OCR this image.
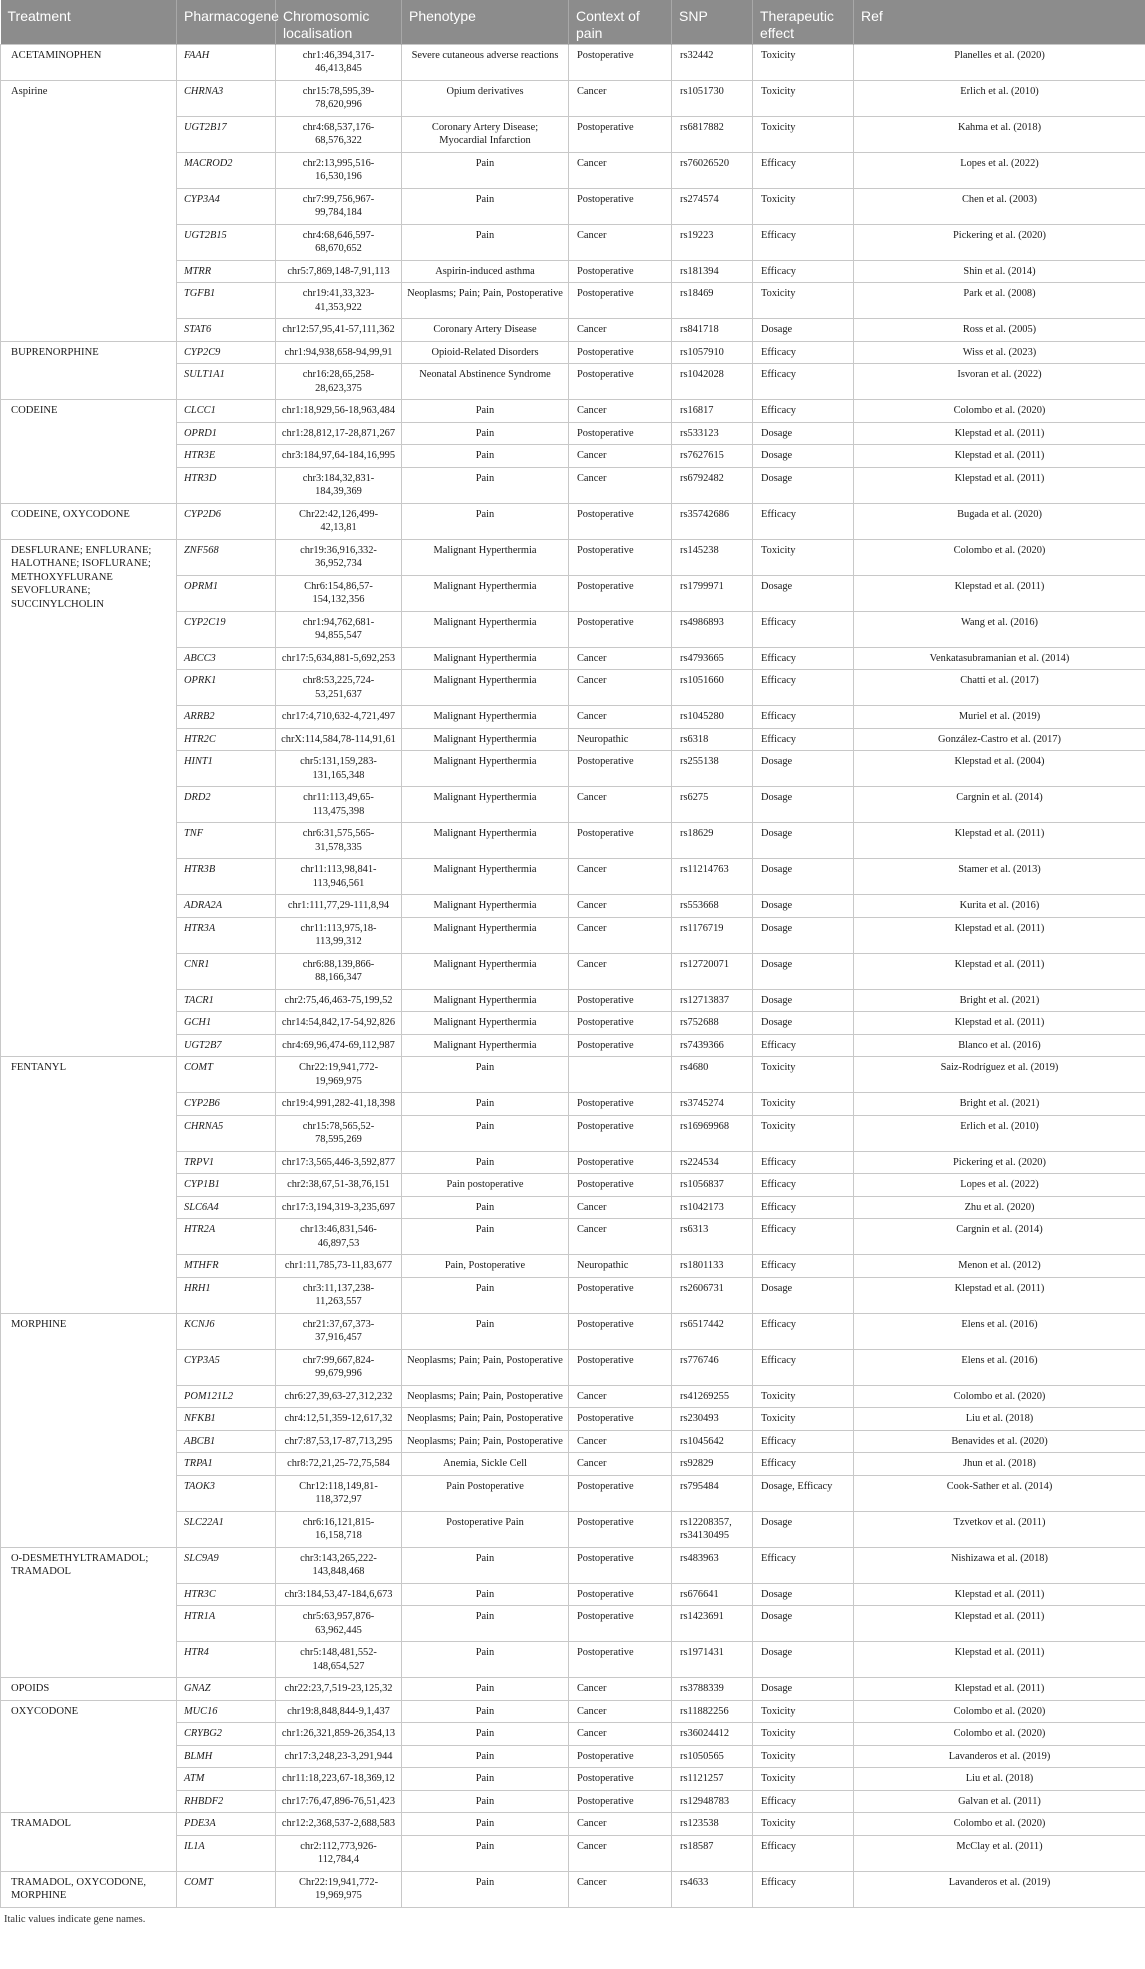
Treatment	Pharmacogene	Chromosomic localisation	Phenotype	Context of pain	SNP	Therapeutic effect	Ref
ACETAMINOPHEN	FAAH	chr1:46,394,317-46,413,845	Severe cutaneous adverse reactions	Postoperative	rs32442	Toxicity	Planelles et al. (2020)
Aspirine	CHRNA3	chr15:78,595,39-78,620,996	Opium derivatives	Cancer	rs1051730	Toxicity	Erlich et al. (2010)
	UGT2B17	chr4:68,537,176-68,576,322	Coronary Artery Disease; Myocardial Infarction	Postoperative	rs6817882	Toxicity	Kahma et al. (2018)
	MACROD2	chr2:13,995,516-16,530,196	Pain	Cancer	rs76026520	Efficacy	Lopes et al. (2022)
	CYP3A4	chr7:99,756,967-99,784,184	Pain	Postoperative	rs274574	Toxicity	Chen et al. (2003)
	UGT2B15	chr4:68,646,597-68,670,652	Pain	Cancer	rs19223	Efficacy	Pickering et al. (2020)
	MTRR	chr5:7,869,148-7,91,113	Aspirin-induced asthma	Postoperative	rs181394	Efficacy	Shin et al. (2014)
	TGFB1	chr19:41,33,323-41,353,922	Neoplasms; Pain; Pain, Postoperative	Postoperative	rs18469	Toxicity	Park et al. (2008)
	STAT6	chr12:57,95,41-57,111,362	Coronary Artery Disease	Cancer	rs841718	Dosage	Ross et al. (2005)
BUPRENORPHINE	CYP2C9	chr1:94,938,658-94,99,91	Opioid-Related Disorders	Postoperative	rs1057910	Efficacy	Wiss et al. (2023)
	SULT1A1	chr16:28,65,258-28,623,375	Neonatal Abstinence Syndrome	Postoperative	rs1042028	Efficacy	Isvoran et al. (2022)
CODEINE	CLCC1	chr1:18,929,56-18,963,484	Pain	Cancer	rs16817	Efficacy	Colombo et al. (2020)
	OPRD1	chr1:28,812,17-28,871,267	Pain	Postoperative	rs533123	Dosage	Klepstad et al. (2011)
	HTR3E	chr3:184,97,64-184,16,995	Pain	Cancer	rs7627615	Dosage	Klepstad et al. (2011)
	HTR3D	chr3:184,32,831-184,39,369	Pain	Cancer	rs6792482	Dosage	Klepstad et al. (2011)
CODEINE, OXYCODONE	CYP2D6	Chr22:42,126,499-42,13,81	Pain	Postoperative	rs35742686	Efficacy	Bugada et al. (2020)
DESFLURANE; ENFLURANE; HALOTHANE; ISOFLURANE; METHOXYFLURANE SEVOFLURANE; SUCCINYLCHOLIN	ZNF568	chr19:36,916,332-36,952,734	Malignant Hyperthermia	Postoperative	rs145238	Toxicity	Colombo et al. (2020)
	OPRM1	Chr6:154,86,57-154,132,356	Malignant Hyperthermia	Postoperative	rs1799971	Dosage	Klepstad et al. (2011)
	CYP2C19	chr1:94,762,681-94,855,547	Malignant Hyperthermia	Postoperative	rs4986893	Efficacy	Wang et al. (2016)
	ABCC3	chr17:5,634,881-5,692,253	Malignant Hyperthermia	Cancer	rs4793665	Efficacy	Venkatasubramanian et al. (2014)
	OPRK1	chr8:53,225,724-53,251,637	Malignant Hyperthermia	Cancer	rs1051660	Efficacy	Chatti et al. (2017)
	ARRB2	chr17:4,710,632-4,721,497	Malignant Hyperthermia	Cancer	rs1045280	Efficacy	Muriel et al. (2019)
	HTR2C	chrX:114,584,78-114,91,61	Malignant Hyperthermia	Neuropathic	rs6318	Efficacy	González-Castro et al. (2017)
	HINT1	chr5:131,159,283-131,165,348	Malignant Hyperthermia	Postoperative	rs255138	Dosage	Klepstad et al. (2004)
	DRD2	chr11:113,49,65-113,475,398	Malignant Hyperthermia	Cancer	rs6275	Dosage	Cargnin et al. (2014)
	TNF	chr6:31,575,565-31,578,335	Malignant Hyperthermia	Postoperative	rs18629	Dosage	Klepstad et al. (2011)
	HTR3B	chr11:113,98,841-113,946,561	Malignant Hyperthermia	Cancer	rs11214763	Dosage	Stamer et al. (2013)
	ADRA2A	chr1:111,77,29-111,8,94	Malignant Hyperthermia	Cancer	rs553668	Dosage	Kurita et al. (2016)
	HTR3A	chr11:113,975,18-113,99,312	Malignant Hyperthermia	Cancer	rs1176719	Dosage	Klepstad et al. (2011)
	CNR1	chr6:88,139,866-88,166,347	Malignant Hyperthermia	Cancer	rs12720071	Dosage	Klepstad et al. (2011)
	TACR1	chr2:75,46,463-75,199,52	Malignant Hyperthermia	Postoperative	rs12713837	Dosage	Bright et al. (2021)
	GCH1	chr14:54,842,17-54,92,826	Malignant Hyperthermia	Postoperative	rs752688	Dosage	Klepstad et al. (2011)
	UGT2B7	chr4:69,96,474-69,112,987	Malignant Hyperthermia	Postoperative	rs7439366	Efficacy	Blanco et al. (2016)
FENTANYL	COMT	Chr22:19,941,772-19,969,975	Pain		rs4680	Toxicity	Saiz-Rodríguez et al. (2019)
	CYP2B6	chr19:4,991,282-41,18,398	Pain	Postoperative	rs3745274	Toxicity	Bright et al. (2021)
	CHRNA5	chr15:78,565,52-78,595,269	Pain	Postoperative	rs16969968	Toxicity	Erlich et al. (2010)
	TRPV1	chr17:3,565,446-3,592,877	Pain	Postoperative	rs224534	Efficacy	Pickering et al. (2020)
	CYP1B1	chr2:38,67,51-38,76,151	Pain postoperative	Postoperative	rs1056837	Efficacy	Lopes et al. (2022)
	SLC6A4	chr17:3,194,319-3,235,697	Pain	Cancer	rs1042173	Efficacy	Zhu et al. (2020)
	HTR2A	chr13:46,831,546-46,897,53	Pain	Cancer	rs6313	Efficacy	Cargnin et al. (2014)
	MTHFR	chr1:11,785,73-11,83,677	Pain, Postoperative	Neuropathic	rs1801133	Efficacy	Menon et al. (2012)
	HRH1	chr3:11,137,238-11,263,557	Pain	Postoperative	rs2606731	Dosage	Klepstad et al. (2011)
MORPHINE	KCNJ6	chr21:37,67,373-37,916,457	Pain	Postoperative	rs6517442	Efficacy	Elens et al. (2016)
	CYP3A5	chr7:99,667,824-99,679,996	Neoplasms; Pain; Pain, Postoperative	Postoperative	rs776746	Efficacy	Elens et al. (2016)
	POM121L2	chr6:27,39,63-27,312,232	Neoplasms; Pain; Pain, Postoperative	Cancer	rs41269255	Toxicity	Colombo et al. (2020)
	NFKB1	chr4:12,51,359-12,617,32	Neoplasms; Pain; Pain, Postoperative	Postoperative	rs230493	Toxicity	Liu et al. (2018)
	ABCB1	chr7:87,53,17-87,713,295	Neoplasms; Pain; Pain, Postoperative	Cancer	rs1045642	Efficacy	Benavides et al. (2020)
	TRPA1	chr8:72,21,25-72,75,584	Anemia, Sickle Cell	Cancer	rs92829	Efficacy	Jhun et al. (2018)
	TAOK3	Chr12:118,149,81-118,372,97	Pain Postoperative	Postoperative	rs795484	Dosage, Efficacy	Cook-Sather et al. (2014)
	SLC22A1	chr6:16,121,815-16,158,718	Postoperative Pain	Postoperative	rs12208357, rs34130495	Dosage	Tzvetkov et al. (2011)
O-DESMETHYLTRAMADOL; TRAMADOL	SLC9A9	chr3:143,265,222-143,848,468	Pain	Postoperative	rs483963	Efficacy	Nishizawa et al. (2018)
	HTR3C	chr3:184,53,47-184,6,673	Pain	Postoperative	rs676641	Dosage	Klepstad et al. (2011)
	HTR1A	chr5:63,957,876-63,962,445	Pain	Postoperative	rs1423691	Dosage	Klepstad et al. (2011)
	HTR4	chr5:148,481,552-148,654,527	Pain	Postoperative	rs1971431	Dosage	Klepstad et al. (2011)
OPOIDS	GNAZ	chr22:23,7,519-23,125,32	Pain	Cancer	rs3788339	Dosage	Klepstad et al. (2011)
OXYCODONE	MUC16	chr19:8,848,844-9,1,437	Pain	Cancer	rs11882256	Toxicity	Colombo et al. (2020)
	CRYBG2	chr1:26,321,859-26,354,13	Pain	Cancer	rs36024412	Toxicity	Colombo et al. (2020)
	BLMH	chr17:3,248,23-3,291,944	Pain	Postoperative	rs1050565	Toxicity	Lavanderos et al. (2019)
	ATM	chr11:18,223,67-18,369,12	Pain	Postoperative	rs1121257	Toxicity	Liu et al. (2018)
	RHBDF2	chr17:76,47,896-76,51,423	Pain	Postoperative	rs12948783	Efficacy	Galvan et al. (2011)
TRAMADOL	PDE3A	chr12:2,368,537-2,688,583	Pain	Cancer	rs123538	Toxicity	Colombo et al. (2020)
	IL1A	chr2:112,773,926-112,784,4	Pain	Cancer	rs18587	Efficacy	McClay et al. (2011)
TRAMADOL, OXYCODONE, MORPHINE	COMT	Chr22:19,941,772-19,969,975	Pain	Cancer	rs4633	Efficacy	Lavanderos et al. (2019)
Italic values indicate gene names.
